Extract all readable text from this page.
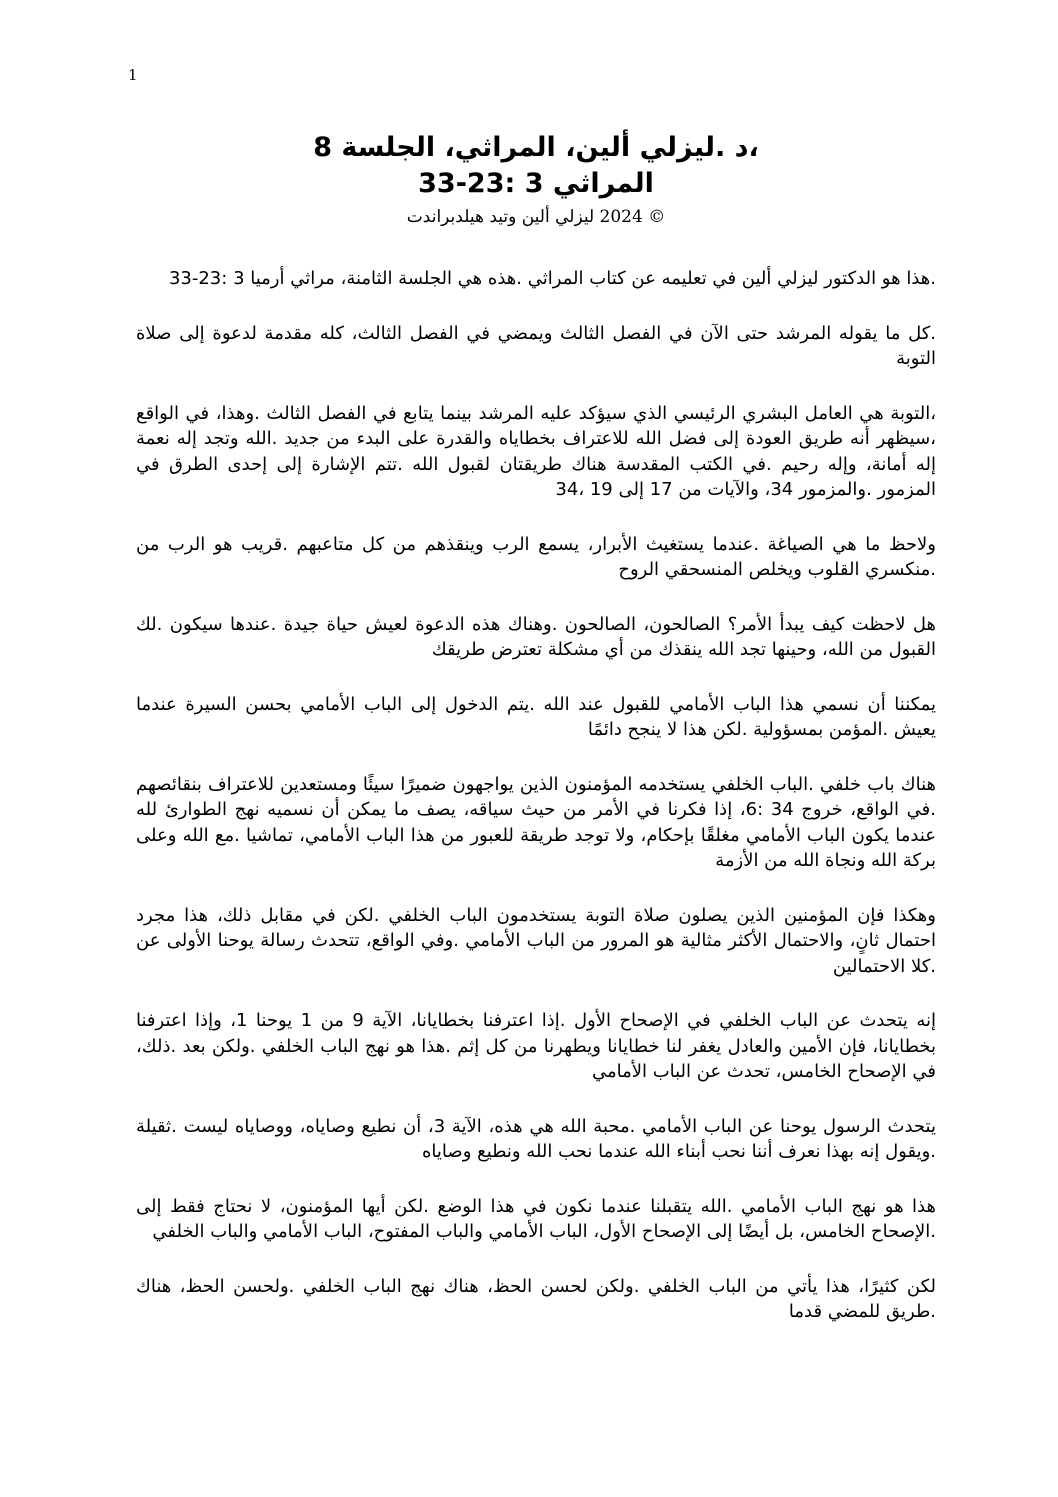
1
،د .ليزلي ألين، المراثي، الجلسة 8
المراثي 3 :23-33
© 2024 ليزلي ألين وتيد هيلدبراندت

.هذا هو الدكتور ليزلي ألين في تعليمه عن كتاب المراثي .هذه هي الجلسة الثامنة، مراثي أرميا 3 :23-33

.كل ما يقوله المرشد حتى الآن في الفصل الثالث ويمضي في الفصل الثالث، كله مقدمة لدعوة إلى صلاة التوبة

،التوبة هي العامل البشري الرئيسي الذي سيؤكد عليه المرشد بينما يتابع في الفصل الثالث .وهذا، في الواقع ،سيظهر أنه طريق العودة إلى فضل الله للاعتراف بخطاياه والقدرة على البدء من جديد .الله وتجد إله نعمة إله أمانة، وإله رحيم .في الكتب المقدسة هناك طريقتان لقبول الله .تتم الإشارة إلى إحدى الطرق في المزمور .والمزمور 34، والآيات من 17 إلى 19 ،34

ولاحظ ما هي الصياغة .عندما يستغيث الأبرار، يسمع الرب وينقذهم من كل متاعبهم .قريب هو الرب من .منكسري القلوب ويخلص المنسحقي الروح

هل لاحظت كيف يبدأ الأمر؟ الصالحون، الصالحون .وهناك هذه الدعوة لعيش حياة جيدة .عندها سيكون .لك القبول من الله، وحينها تجد الله ينقذك من أي مشكلة تعترض طريقك

يمكننا أن نسمي هذا الباب الأمامي للقبول عند الله .يتم الدخول إلى الباب الأمامي بحسن السيرة عندما يعيش .المؤمن بمسؤولية .لكن هذا لا ينجح دائمًا

هناك باب خلفي .الباب الخلفي يستخدمه المؤمنون الذين يواجهون ضميرًا سيئًا ومستعدين للاعتراف بنقائصهم .في الواقع، خروج 34 :6، إذا فكرنا في الأمر من حيث سياقه، يصف ما يمكن أن نسميه نهج الطوارئ لله عندما يكون الباب الأمامي مغلقًا بإحكام، ولا توجد طريقة للعبور من هذا الباب الأمامي، تماشيا .مع الله وعلى بركة الله ونجاة الله من الأزمة

وهكذا فإن المؤمنين الذين يصلون صلاة التوبة يستخدمون الباب الخلفي .لكن في مقابل ذلك، هذا مجرد احتمال ثانٍ، والاحتمال الأكثر مثالية هو المرور من الباب الأمامي .وفي الواقع، تتحدث رسالة يوحنا الأولى عن .كلا الاحتمالين

إنه يتحدث عن الباب الخلفي في الإصحاح الأول .إذا اعترفنا بخطايانا، الآية 9 من 1 يوحنا 1، وإذا اعترفنا بخطايانا، فإن الأمين والعادل يغفر لنا خطايانا ويطهرنا من كل إثم .هذا هو نهج الباب الخلفي .ولكن بعد .ذلك، في الإصحاح الخامس، تحدث عن الباب الأمامي

يتحدث الرسول يوحنا عن الباب الأمامي .محبة الله هي هذه، الآية 3، أن نطيع وصاياه، ووصاياه ليست .ثقيلة .ويقول إنه بهذا نعرف أننا نحب أبناء الله عندما نحب الله ونطيع وصاياه

هذا هو نهج الباب الأمامي .الله يتقبلنا عندما نكون في هذا الوضع .لكن أيها المؤمنون، لا نحتاج فقط إلى .الإصحاح الخامس، بل أيضًا إلى الإصحاح الأول، الباب الأمامي والباب المفتوح، الباب الأمامي والباب الخلفي

لكن كثيرًا، هذا يأتي من الباب الخلفي .ولكن لحسن الحظ، هناك نهج الباب الخلفي .ولحسن الحظ، هناك .طريق للمضي قدما
